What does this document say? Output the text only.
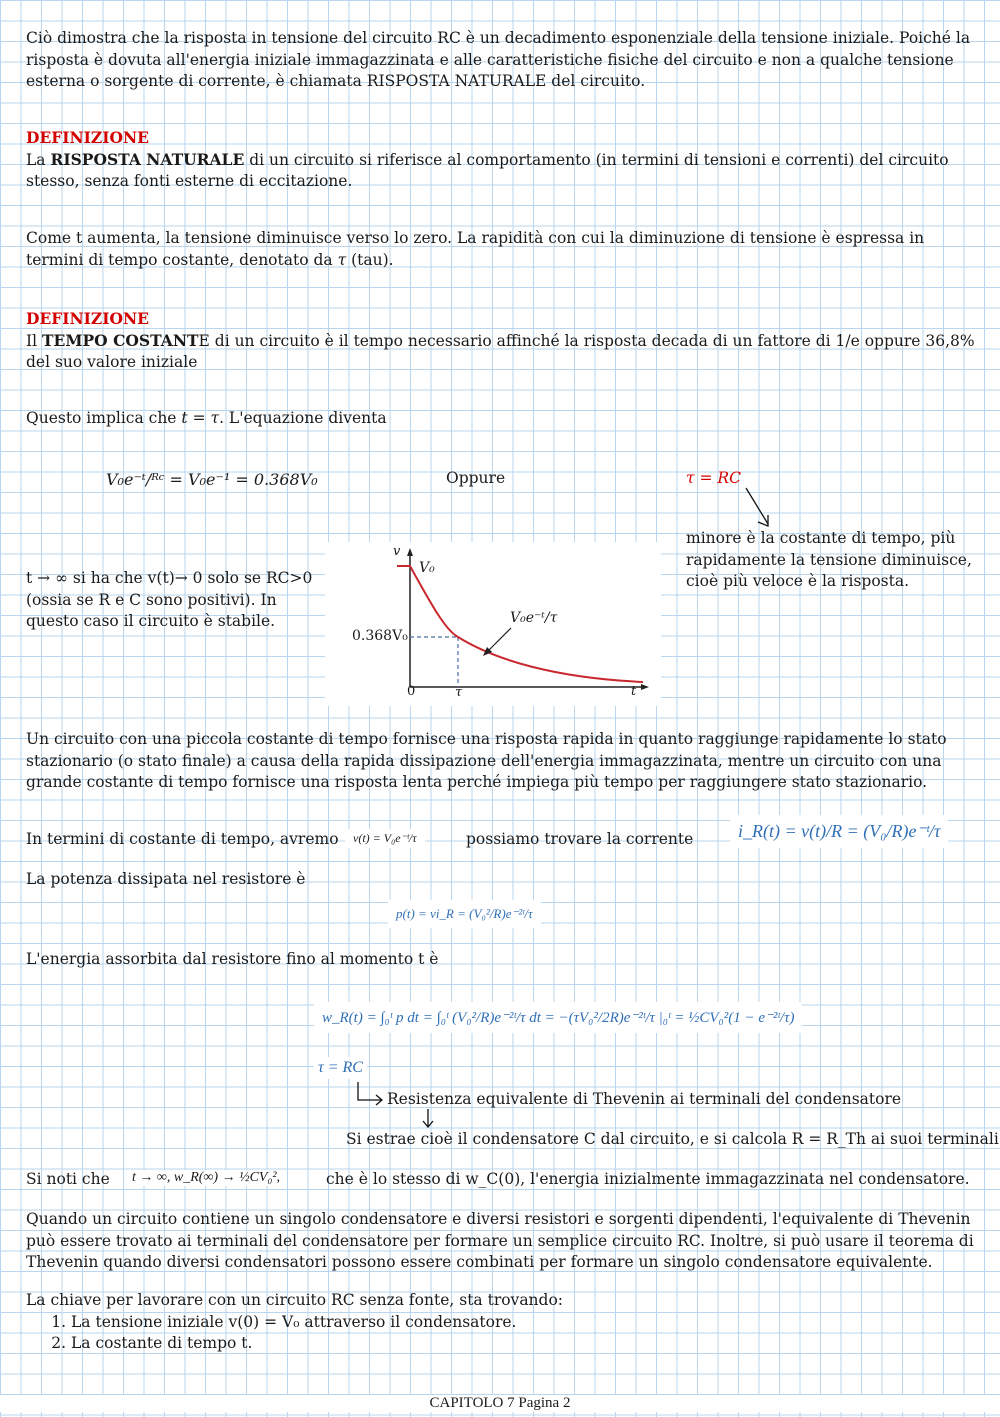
Ciò dimostra che la risposta in tensione del circuito RC è un decadimento esponenziale della tensione iniziale. Poiché la risposta è dovuta all'energia iniziale immagazzinata e alle caratteristiche fisiche del circuito e non a qualche tensione esterna o sorgente di corrente, è chiamata RISPOSTA NATURALE del circuito.
DEFINIZIONE
La RISPOSTA NATURALE di un circuito si riferisce al comportamento (in termini di tensioni e correnti) del circuito stesso, senza fonti esterne di eccitazione.
Come t aumenta, la tensione diminuisce verso lo zero. La rapidità con cui la diminuzione di tensione è espressa in termini di tempo costante, denotato da τ (tau).
DEFINIZIONE
Il TEMPO COSTANTE di un circuito è il tempo necessario affinché la risposta decada di un fattore di 1/e oppure 36,8% del suo valore iniziale
Questo implica che t = τ. L'equazione diventa
V₀e⁻ᵗ/ᴿᶜ = V₀e⁻¹ = 0.368V₀	Oppure	τ = RC
minore è la costante di tempo, più rapidamente la tensione diminuisce, cioè più veloce è la risposta.
t → ∞ si ha che v(t)→ 0 solo se RC>0 (ossia se R e C sono positivi). In questo caso il circuito è stabile.
v
V₀
V₀e⁻ᵗ/τ
0.368V₀
0	τ	t
Un circuito con una piccola costante di tempo fornisce una risposta rapida in quanto raggiunge rapidamente lo stato stazionario (o stato finale) a causa della rapida dissipazione dell'energia immagazzinata, mentre un circuito con una grande costante di tempo fornisce una risposta lenta perché impiega più tempo per raggiungere stato stazionario.
In termini di costante di tempo, avremo	v(t) = V₀e⁻ᵗ/τ	possiamo trovare la corrente	i_R(t) = v(t)/R = (V₀/R)e⁻ᵗ/τ
La potenza dissipata nel resistore è
p(t) = vi_R = (V₀²/R)e⁻²ᵗ/τ
L'energia assorbita dal resistore fino al momento t è
w_R(t) = ∫₀ᵗ p dt = ∫₀ᵗ (V₀²/R)e⁻²ᵗ/τ dt = −(τV₀²/2R)e⁻²ᵗ/τ |₀ᵗ = ½CV₀²(1 − e⁻²ᵗ/τ)
τ = RC
Resistenza equivalente di Thevenin ai terminali del condensatore
Si estrae cioè il condensatore C dal circuito, e si calcola R = R_Th ai suoi terminali
Si noti che	t → ∞, w_R(∞) → ½CV₀²,	che è lo stesso di w_C(0), l'energia inizialmente immagazzinata nel condensatore.
Quando un circuito contiene un singolo condensatore e diversi resistori e sorgenti dipendenti, l'equivalente di Thevenin può essere trovato ai terminali del condensatore per formare un semplice circuito RC. Inoltre, si può usare il teorema di Thevenin quando diversi condensatori possono essere combinati per formare un singolo condensatore equivalente.
La chiave per lavorare con un circuito RC senza fonte, sta trovando:
1. La tensione iniziale v(0) = V₀ attraverso il condensatore.
2. La costante di tempo t.
CAPITOLO 7 Pagina 2
